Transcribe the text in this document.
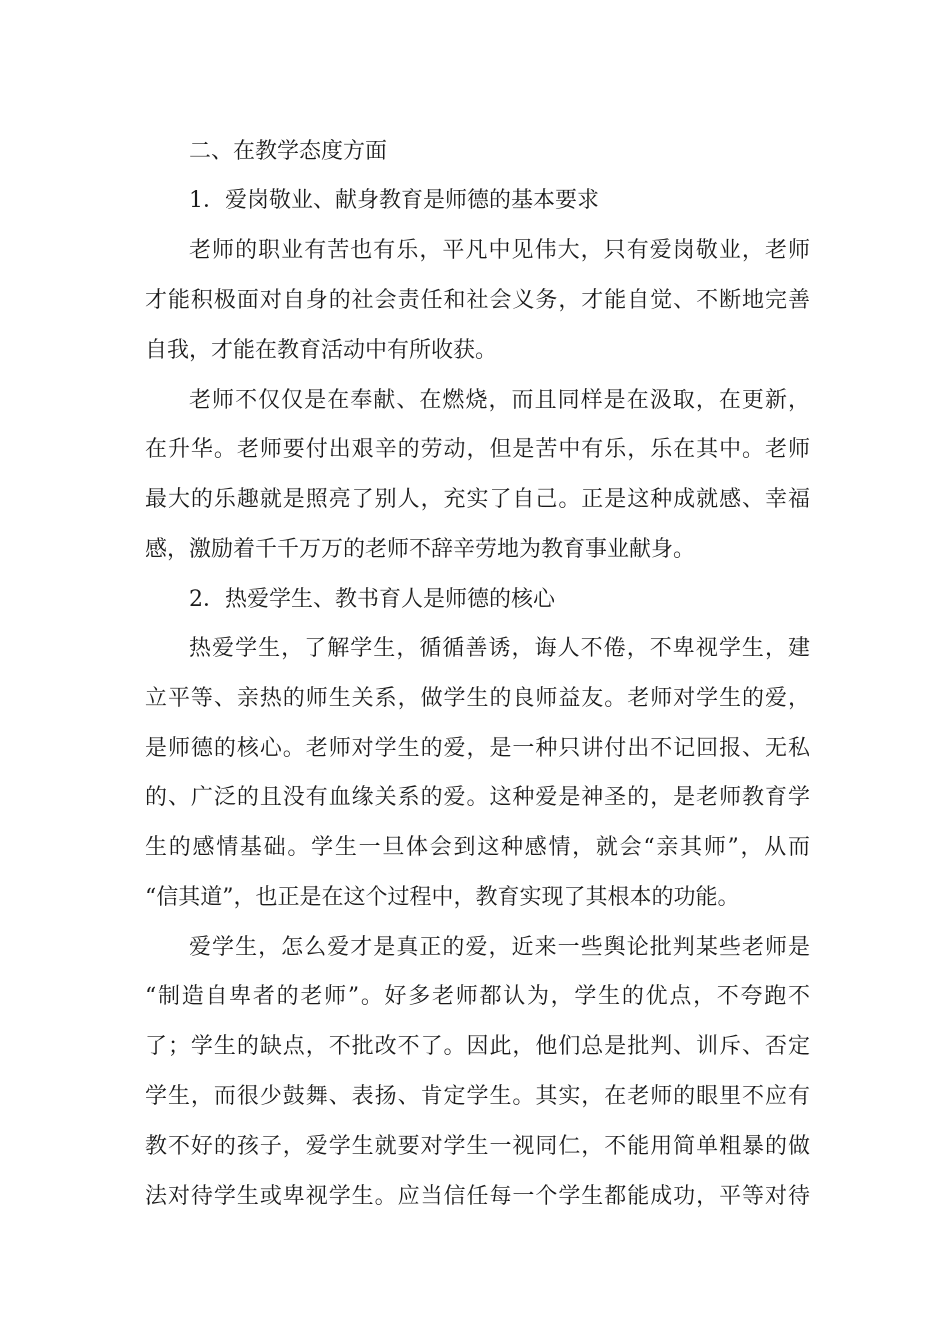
二、在教学态度方面
1．爱岗敬业、献身教育是师德的基本要求
老师的职业有苦也有乐，平凡中见伟大，只有爱岗敬业，老师
才能积极面对自身的社会责任和社会义务，才能自觉、不断地完善
自我，才能在教育活动中有所收获。
老师不仅仅是在奉献、在燃烧，而且同样是在汲取，在更新，
在升华。老师要付出艰辛的劳动，但是苦中有乐，乐在其中。老师
最大的乐趣就是照亮了别人，充实了自己。正是这种成就感、幸福
感，激励着千千万万的老师不辞辛劳地为教育事业献身。
2．热爱学生、教书育人是师德的核心
热爱学生，了解学生，循循善诱，诲人不倦，不卑视学生，建
立平等、亲热的师生关系，做学生的良师益友。老师对学生的爱，
是师德的核心。老师对学生的爱，是一种只讲付出不记回报、无私
的、广泛的且没有血缘关系的爱。这种爱是神圣的，是老师教育学
生的感情基础。学生一旦体会到这种感情，就会“亲其师”，从而
“信其道”，也正是在这个过程中，教育实现了其根本的功能。
爱学生，怎么爱才是真正的爱，近来一些舆论批判某些老师是
“制造自卑者的老师”。好多老师都认为，学生的优点，不夸跑不
了；学生的缺点，不批改不了。因此，他们总是批判、训斥、否定
学生，而很少鼓舞、表扬、肯定学生。其实，在老师的眼里不应有
教不好的孩子，爱学生就要对学生一视同仁，不能用简单粗暴的做
法对待学生或卑视学生。应当信任每一个学生都能成功，平等对待
